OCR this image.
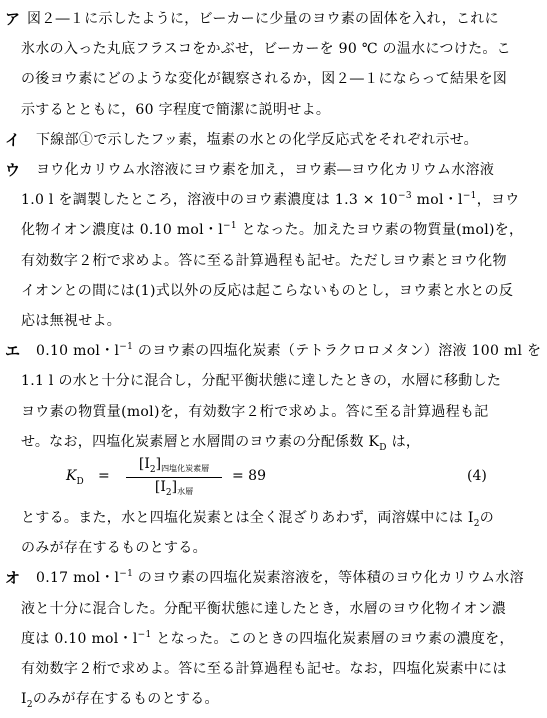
ア 図２―１に示したように，ビーカーに少量のヨウ素の固体を入れ，これに
氷水の入った丸底フラスコをかぶせ，ビーカーを 90 ℃ の温水につけた。こ
の後ヨウ素にどのような変化が観察されるか，図２―１にならって結果を図
示するとともに，60 字程度で簡潔に説明せよ。
イ 下線部①で示したフッ素，塩素の水との化学反応式をそれぞれ示せ。
ウ ヨウ化カリウム水溶液にヨウ素を加え，ヨウ素―ヨウ化カリウム水溶液
1.0 l を調製したところ，溶液中のヨウ素濃度は $1.3 \times 10^{-3}$ mol・$l^{-1}$，ヨウ
化物イオン濃度は 0.10 mol・$l^{-1}$ となった。加えたヨウ素の物質量(mol)を，
有効数字２桁で求めよ。答に至る計算過程も記せ。ただしヨウ素とヨウ化物
イオンとの間には(1)式以外の反応は起こらないものとし，ヨウ素と水との反
応は無視せよ。
エ 0.10 mol・$l^{-1}$ のヨウ素の四塩化炭素（テトラクロロメタン）溶液 100 ml を
1.1 l の水と十分に混合し，分配平衡状態に達したときの，水層に移動した
ヨウ素の物質量(mol)を，有効数字２桁で求めよ。答に至る計算過程も記
せ。なお，四塩化炭素層と水層間のヨウ素の分配係数 $K_D$ は，
$K_D$ =
$[I_2]_{四塩化炭素層}$
$[I_2]_{水層}$
= 89	(4)
とする。また，水と四塩化炭素とは全く混ざりあわず，両溶媒中には $I_2$の
のみが存在するものとする。
オ 0.17 mol・$l^{-1}$ のヨウ素の四塩化炭素溶液を，等体積のヨウ化カリウム水溶
液と十分に混合した。分配平衡状態に達したとき，水層のヨウ化物イオン濃
度は 0.10 mol・$l^{-1}$ となった。このときの四塩化炭素層のヨウ素の濃度を，
有効数字２桁で求めよ。答に至る計算過程も記せ。なお，四塩化炭素中には
$I_2$のみが存在するものとする。
